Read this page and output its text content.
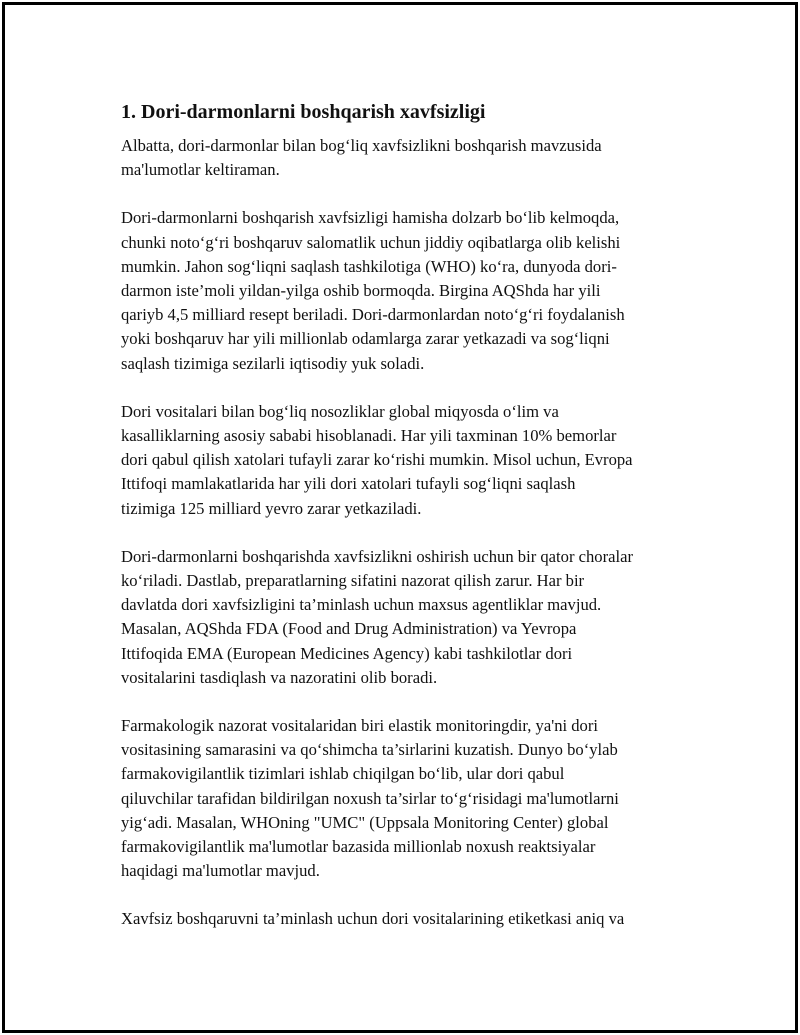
1. Dori-darmonlarni boshqarish xavfsizligi
Albatta, dori-darmonlar bilan bog‘liq xavfsizlikni boshqarish mavzusida
ma'lumotlar keltiraman.
Dori-darmonlarni boshqarish xavfsizligi hamisha dolzarb bo‘lib kelmoqda,
chunki noto‘g‘ri boshqaruv salomatlik uchun jiddiy oqibatlarga olib kelishi
mumkin. Jahon sog‘liqni saqlash tashkilotiga (WHO) ko‘ra, dunyoda dori-
darmon iste’moli yildan-yilga oshib bormoqda. Birgina AQShda har yili
qariyb 4,5 milliard resept beriladi. Dori-darmonlardan noto‘g‘ri foydalanish
yoki boshqaruv har yili millionlab odamlarga zarar yetkazadi va sog‘liqni
saqlash tizimiga sezilarli iqtisodiy yuk soladi.
Dori vositalari bilan bog‘liq nosozliklar global miqyosda o‘lim va
kasalliklarning asosiy sababi hisoblanadi. Har yili taxminan 10% bemorlar
dori qabul qilish xatolari tufayli zarar ko‘rishi mumkin. Misol uchun, Evropa
Ittifoqi mamlakatlarida har yili dori xatolari tufayli sog‘liqni saqlash
tizimiga 125 milliard yevro zarar yetkaziladi.
Dori-darmonlarni boshqarishda xavfsizlikni oshirish uchun bir qator choralar
ko‘riladi. Dastlab, preparatlarning sifatini nazorat qilish zarur. Har bir
davlatda dori xavfsizligini ta’minlash uchun maxsus agentliklar mavjud.
Masalan, AQShda FDA (Food and Drug Administration) va Yevropa
Ittifoqida EMA (European Medicines Agency) kabi tashkilotlar dori
vositalarini tasdiqlash va nazoratini olib boradi.
Farmakologik nazorat vositalaridan biri elastik monitoringdir, ya'ni dori
vositasining samarasini va qo‘shimcha ta’sirlarini kuzatish. Dunyo bo‘ylab
farmakovigilantlik tizimlari ishlab chiqilgan bo‘lib, ular dori qabul
qiluvchilar tarafidan bildirilgan noxush ta’sirlar to‘g‘risidagi ma'lumotlarni
yig‘adi. Masalan, WHOning "UMC" (Uppsala Monitoring Center) global
farmakovigilantlik ma'lumotlar bazasida millionlab noxush reaktsiyalar
haqidagi ma'lumotlar mavjud.
Xavfsiz boshqaruvni ta’minlash uchun dori vositalarining etiketkasi aniq va
